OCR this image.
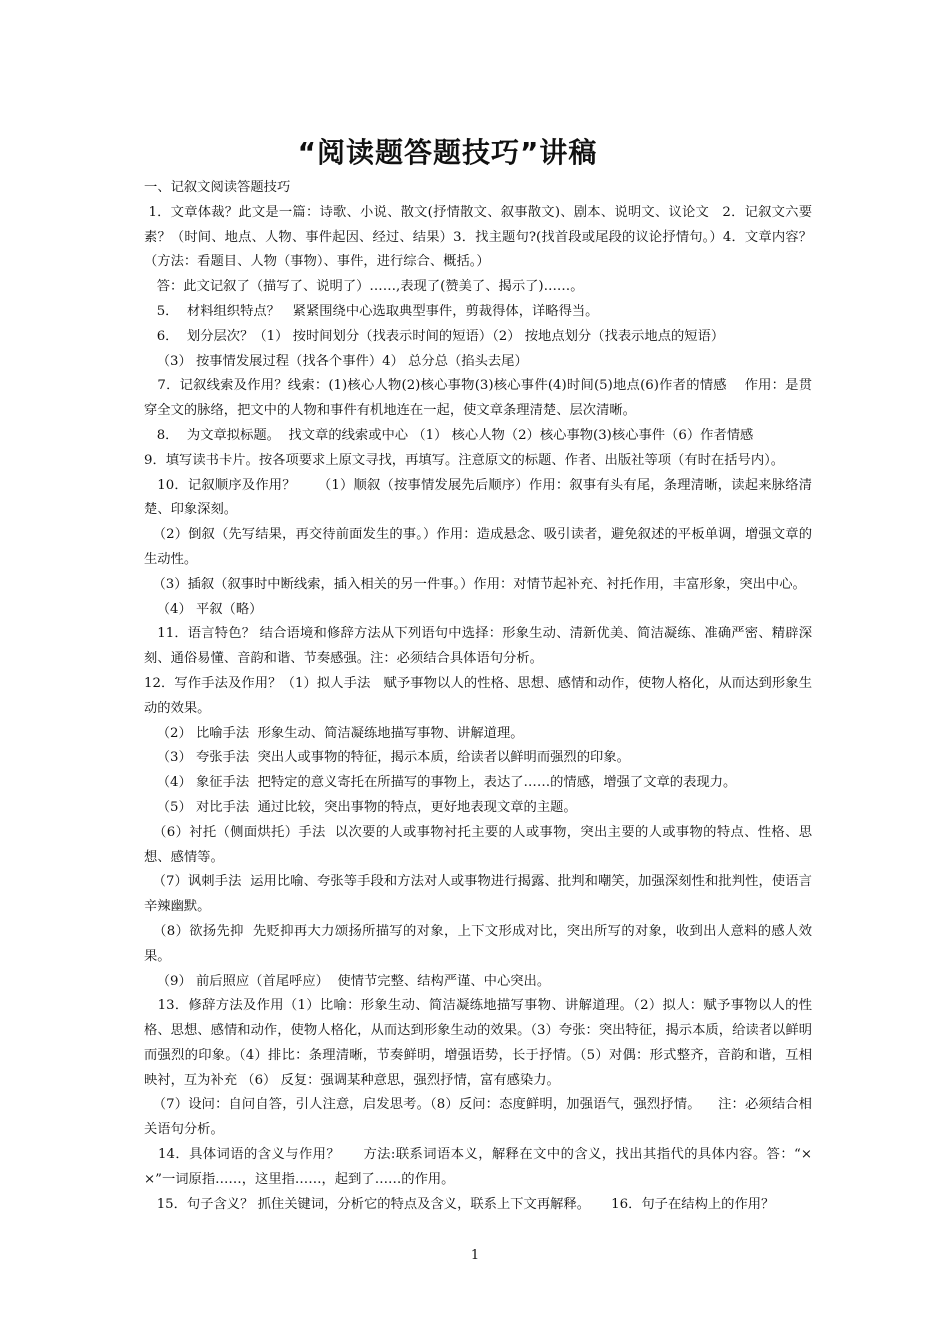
“阅读题答题技巧”讲稿

一、记叙文阅读答题技巧

1．文章体裁？此文是一篇：诗歌、小说、散文(抒情散文、叙事散文)、剧本、说明文、议论文   2．记叙文六要素？（时间、地点、人物、事件起因、经过、结果）3．找主题句?(找首段或尾段的议论抒情句。）4．文章内容？（方法：看题目、人物（事物）、事件，进行综合、概括。）

答：此文记叙了（描写了、说明了）……,表现了(赞美了、揭示了)……。

5．  材料组织特点？   紧紧围绕中心选取典型事件，剪裁得体，详略得当。

6．  划分层次？（1） 按时间划分（找表示时间的短语）（2） 按地点划分（找表示地点的短语）

（3） 按事情发展过程（找各个事件）4） 总分总（掐头去尾）

7．记叙线索及作用？线索：(1)核心人物(2)核心事物(3)核心事件(4)时间(5)地点(6)作者的情感    作用：是贯穿全文的脉络，把文中的人物和事件有机地连在一起，使文章条理清楚、层次清晰。

8．  为文章拟标题。  找文章的线索或中心 （1） 核心人物（2）核心事物(3)核心事件（6）作者情感

9．填写读书卡片。按各项要求上原文寻找，再填写。注意原文的标题、作者、出版社等项（有时在括号内）。

10．记叙顺序及作用？     （1）顺叙（按事情发展先后顺序）作用：叙事有头有尾，条理清晰，读起来脉络清楚、印象深刻。

（2）倒叙（先写结果，再交待前面发生的事。）作用：造成悬念、吸引读者，避免叙述的平板单调，增强文章的生动性。

（3）插叙（叙事时中断线索，插入相关的另一件事。）作用：对情节起补充、衬托作用，丰富形象，突出中心。

（4） 平叙（略）

11．语言特色？ 结合语境和修辞方法从下列语句中选择：形象生动、清新优美、简洁凝练、准确严密、精辟深刻、通俗易懂、音韵和谐、节奏感强。注：必须结合具体语句分析。

12．写作手法及作用？（1）拟人手法   赋予事物以人的性格、思想、感情和动作，使物人格化，从而达到形象生动的效果。

（2） 比喻手法  形象生动、简洁凝练地描写事物、讲解道理。

（3） 夸张手法  突出人或事物的特征，揭示本质，给读者以鲜明而强烈的印象。

（4） 象征手法  把特定的意义寄托在所描写的事物上，表达了……的情感，增强了文章的表现力。

（5） 对比手法  通过比较，突出事物的特点，更好地表现文章的主题。

（6）衬托（侧面烘托）手法  以次要的人或事物衬托主要的人或事物，突出主要的人或事物的特点、性格、思想、感情等。

（7）讽刺手法  运用比喻、夸张等手段和方法对人或事物进行揭露、批判和嘲笑，加强深刻性和批判性，使语言辛辣幽默。

（8）欲扬先抑  先贬抑再大力颂扬所描写的对象，上下文形成对比，突出所写的对象，收到出人意料的感人效果。

（9） 前后照应（首尾呼应）  使情节完整、结构严谨、中心突出。

13．修辞方法及作用（1）比喻：形象生动、简洁凝练地描写事物、讲解道理。（2）拟人：赋予事物以人的性格、思想、感情和动作，使物人格化，从而达到形象生动的效果。（3）夸张：突出特征，揭示本质，给读者以鲜明而强烈的印象。（4）排比：条理清晰，节奏鲜明，增强语势，长于抒情。（5）对偶：形式整齐，音韵和谐，互相映衬，互为补充 （6） 反复：强调某种意思，强烈抒情，富有感染力。

（7）设问：自问自答，引人注意，启发思考。（8）反问：态度鲜明，加强语气，强烈抒情。    注：必须结合相关语句分析。

14．具体词语的含义与作用？     方法:联系词语本义，解释在文中的含义，找出其指代的具体内容。答：“××”一词原指……，这里指……，起到了……的作用。

15．句子含义？ 抓住关键词，分析它的特点及含义，联系上下文再解释。     16．句子在结构上的作用？

1
